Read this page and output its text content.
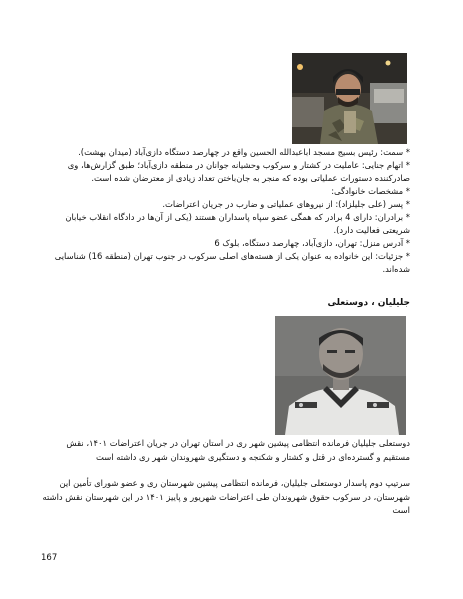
* سمت: رئیس بسیج مسجد اباعبدالله الحسین واقع در چهارصد دستگاه دازی‌آباد (میدان بهشت).

* اتهام جنایی: عاملیت در کشتار و سرکوب وحشیانه جوانان در منطقه دازی‌آباد؛ طبق گزارش‌ها، وی صادرکننده دستورات عملیاتی بوده که منجر به جان‌باختن تعداد زیادی از معترضان شده است.

* مشخصات خانوادگی:

* پسر (علی جلیلزاد): از نیروهای عملیاتی و ضارب در جریان اعتراضات.

* برادران: دارای 4 برادر که همگی عضو سپاه پاسداران هستند (یکی از آن‌ها در دادگاه انقلاب خیابان شریعتی فعالیت دارد).

* آدرس منزل: تهران، دازی‌آباد، چهارصد دستگاه، بلوک 6

* جزئیات: این خانواده به عنوان یکی از هسته‌های اصلی سرکوب در جنوب تهران (منطقه 16) شناسایی شده‌اند.

جلیلیان ، دوستعلی
دوستعلی جلیلیان فرمانده انتظامی پیشین شهر ری در استان تهران در جریان اعتراضات ۱۴۰۱، نقش مستقیم و گسترده‌ای در قتل و کشتار و شکنجه و دستگیری شهروندان شهر ری داشته است
سرتیپ دوم پاسدار دوستعلی جلیلیان، فرمانده انتظامی پیشین شهرستان ری و عضو شورای تأمین این شهرستان، در سرکوب حقوق شهروندان طی اعتراضات شهریور و پاییز ۱۴۰۱ در این شهرستان نقش داشته است
167
